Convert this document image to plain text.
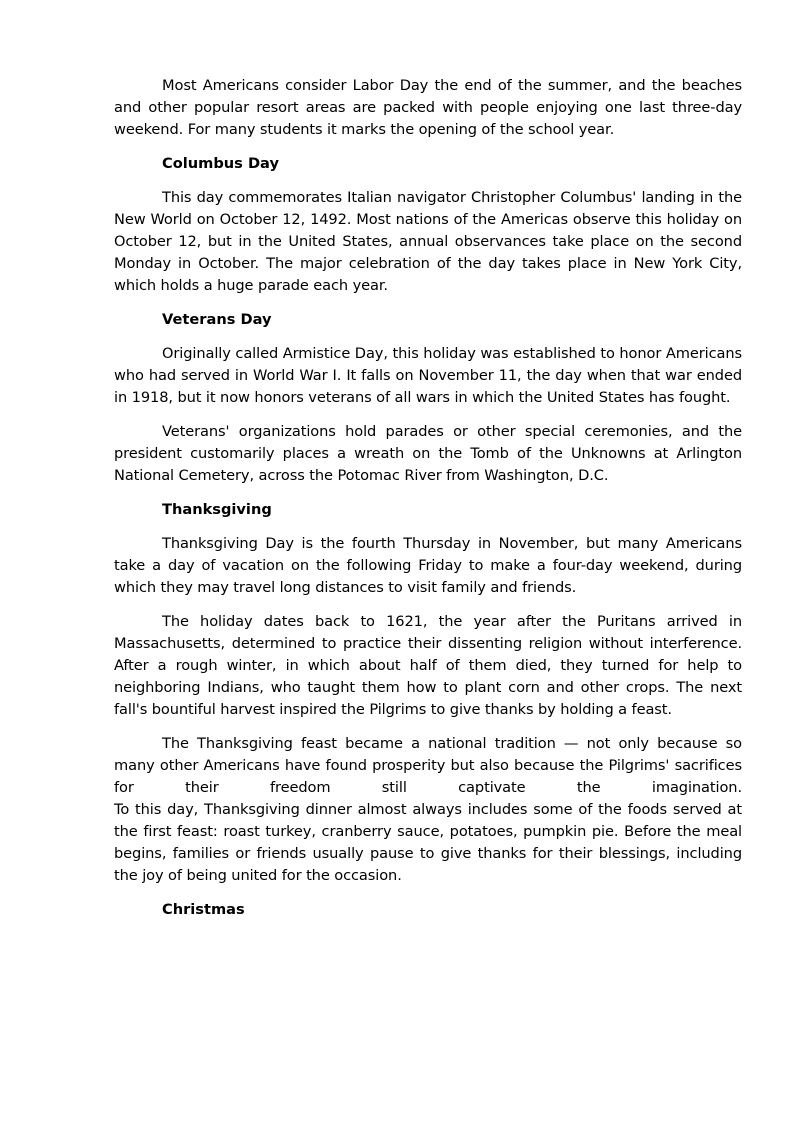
Most Americans consider Labor Day the end of the summer, and the beaches and other popular resort areas are packed with people enjoying one last three-day weekend. For many students it marks the opening of the school year.

Columbus Day

This day commemorates Italian navigator Christopher Columbus' landing in the New World on October 12, 1492. Most nations of the Americas observe this holiday on October 12, but in the United States, annual observances take place on the second Monday in October. The major celebration of the day takes place in New York City, which holds a huge parade each year.

Veterans Day

Originally called Armistice Day, this holiday was established to honor Americans who had served in World War I. It falls on November 11, the day when that war ended in 1918, but it now honors veterans of all wars in which the United States has fought.

Veterans' organizations hold parades or other special ceremonies, and the president customarily places a wreath on the Tomb of the Unknowns at Arlington National Cemetery, across the Potomac River from Washington, D.C.

Thanksgiving

Thanksgiving Day is the fourth Thursday in November, but many Americans take a day of vacation on the following Friday to make a four-day weekend, during which they may travel long distances to visit family and friends.

The holiday dates back to 1621, the year after the Puritans arrived in Massachusetts, determined to practice their dissenting religion without interference. After a rough winter, in which about half of them died, they turned for help to neighboring Indians, who taught them how to plant corn and other crops. The next fall's bountiful harvest inspired the Pilgrims to give thanks by holding a feast.

The Thanksgiving feast became a national tradition — not only because so many other Americans have found prosperity but also because the Pilgrims' sacrifices for their freedom still captivate the imagination.
To this day, Thanksgiving dinner almost always includes some of the foods served at the first feast: roast turkey, cranberry sauce, potatoes, pumpkin pie. Before the meal begins, families or friends usually pause to give thanks for their blessings, including the joy of being united for the occasion.

Christmas
